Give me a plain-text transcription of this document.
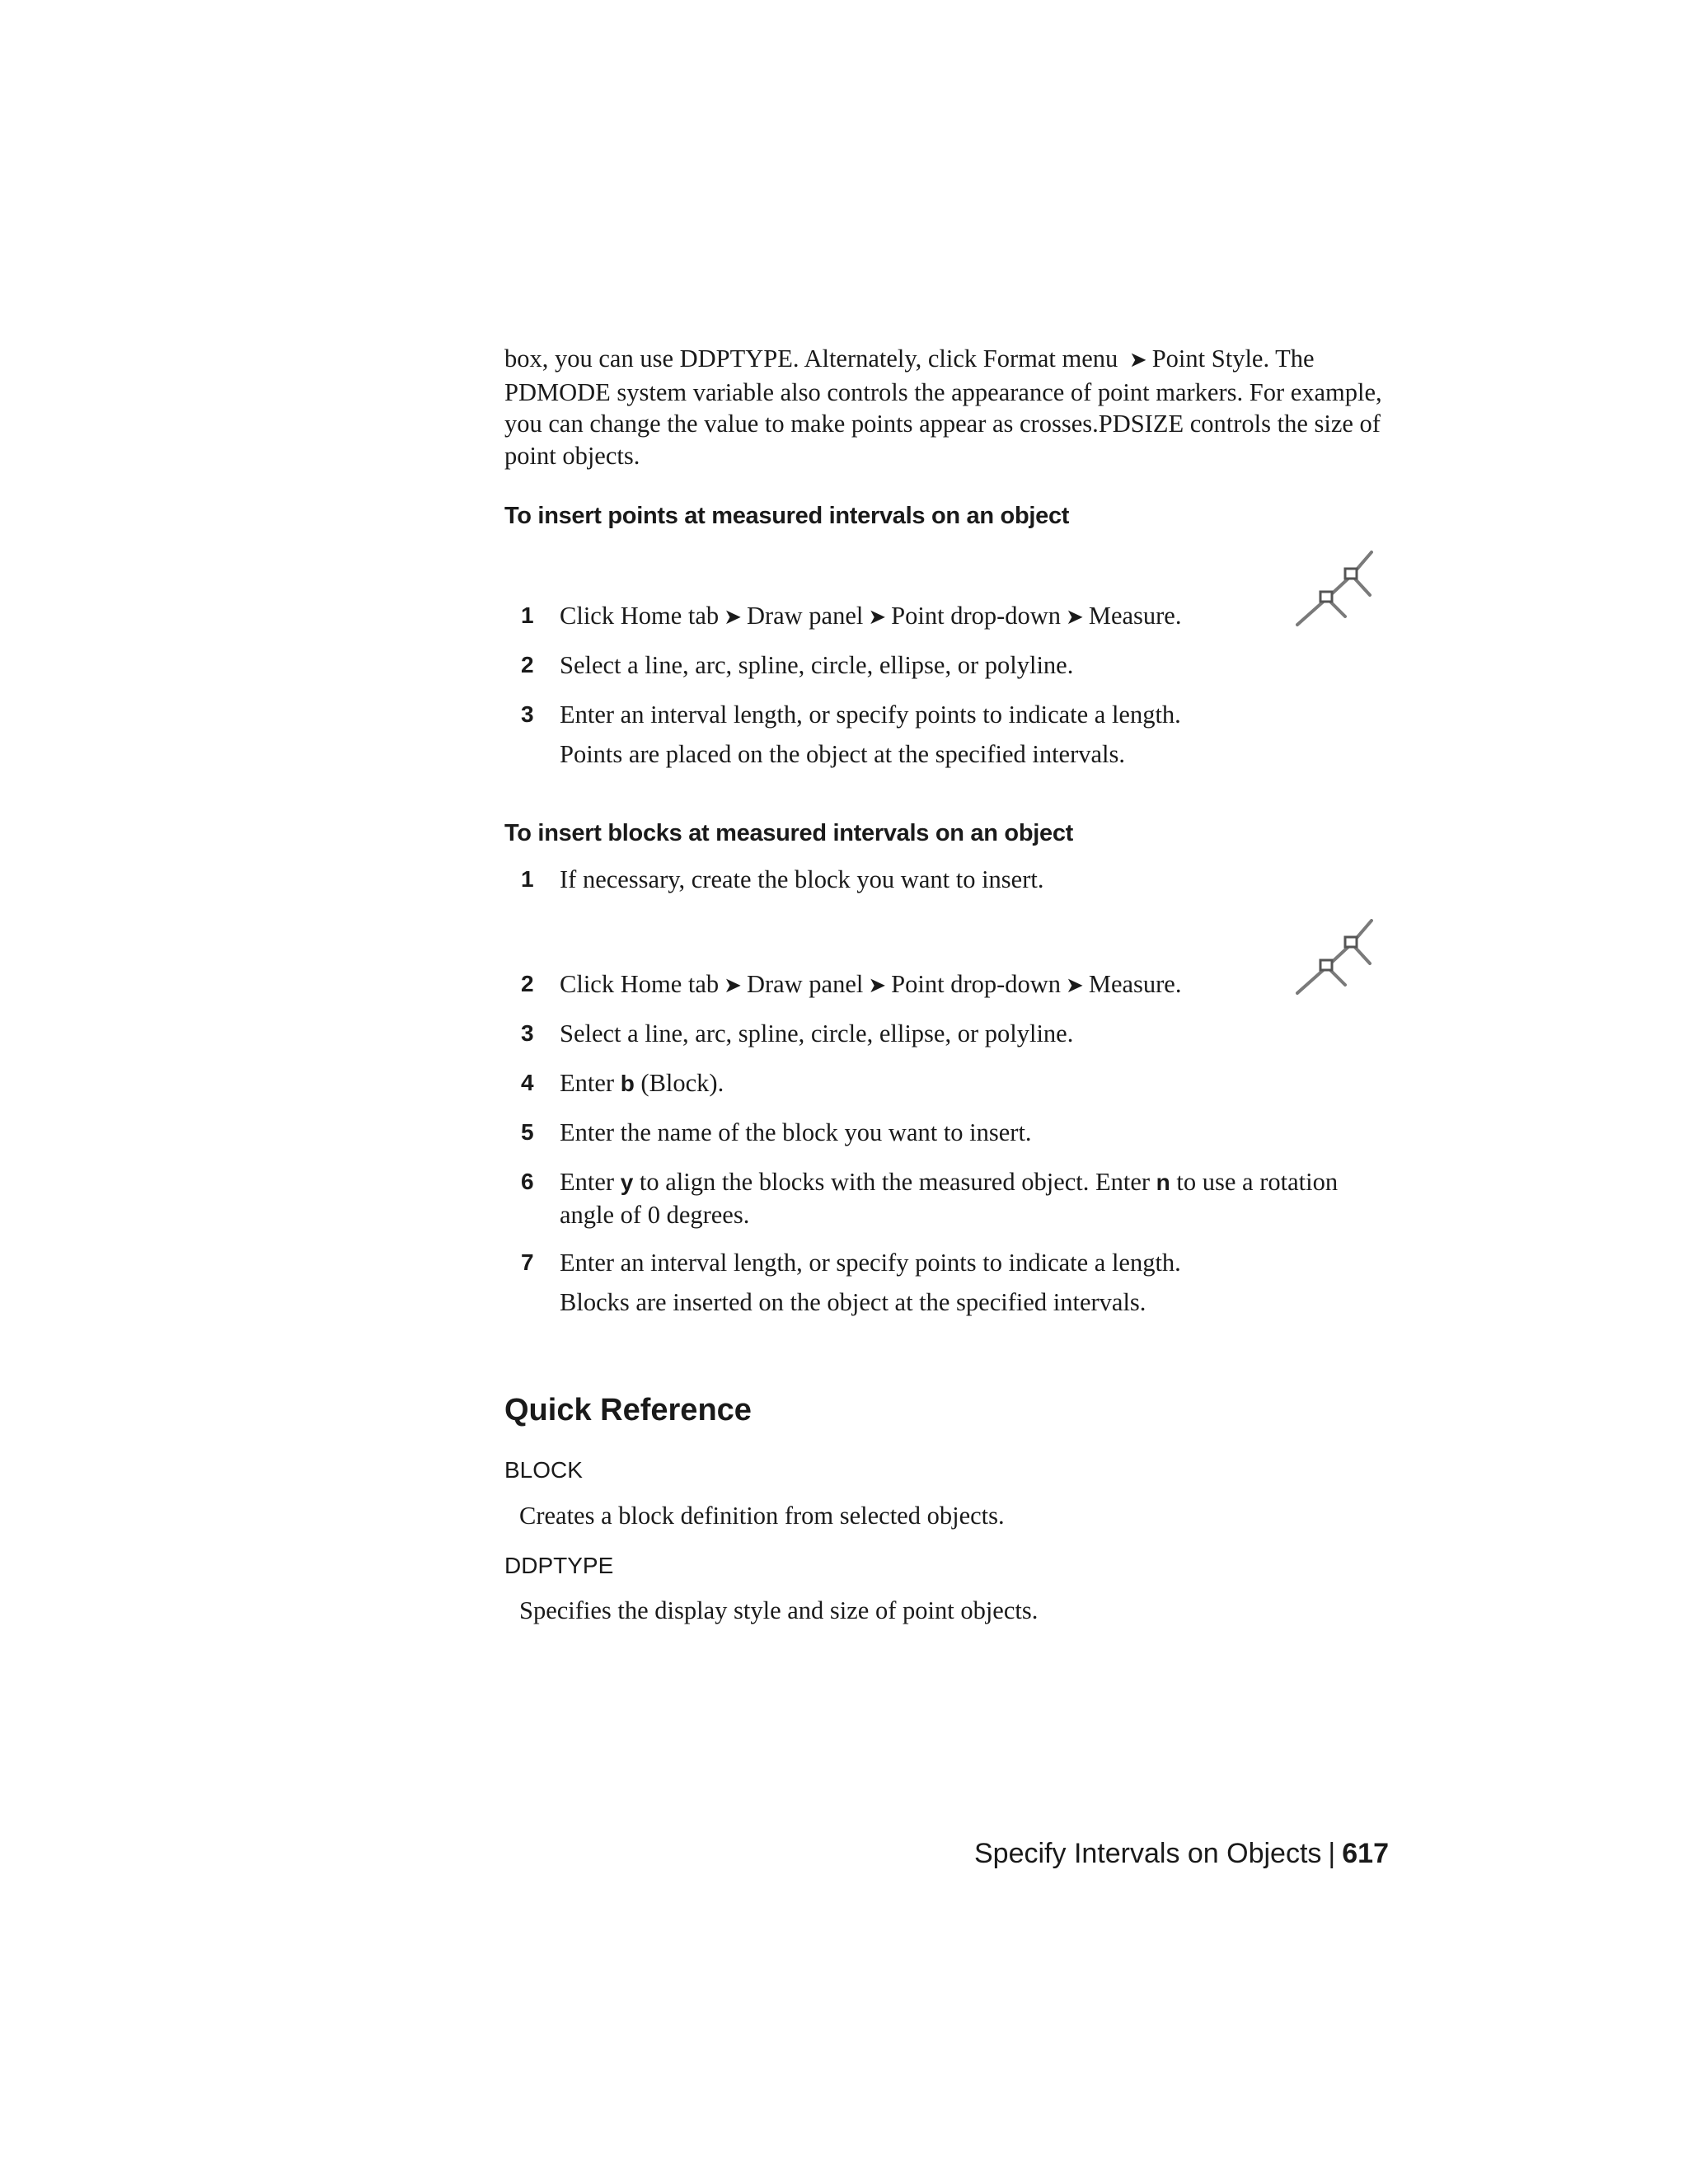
box, you can use DDPTYPE. Alternately, click Format menu ➤ Point Style. The PDMODE system variable also controls the appearance of point markers. For example, you can change the value to make points appear as crosses.PDSIZE controls the size of point objects.

To insert points at measured intervals on an object

1 Click Home tab ➤ Draw panel ➤ Point drop-down ➤ Measure.
2 Select a line, arc, spline, circle, ellipse, or polyline.
3 Enter an interval length, or specify points to indicate a length.

Points are placed on the object at the specified intervals.

To insert blocks at measured intervals on an object

1 If necessary, create the block you want to insert.
2 Click Home tab ➤ Draw panel ➤ Point drop-down ➤ Measure.
3 Select a line, arc, spline, circle, ellipse, or polyline.
4 Enter b (Block).
5 Enter the name of the block you want to insert.
6 Enter y to align the blocks with the measured object. Enter n to use a rotation angle of 0 degrees.
7 Enter an interval length, or specify points to indicate a length.

Blocks are inserted on the object at the specified intervals.

Quick Reference

BLOCK

Creates a block definition from selected objects.

DDPTYPE

Specifies the display style and size of point objects.

Specify Intervals on Objects | 617
